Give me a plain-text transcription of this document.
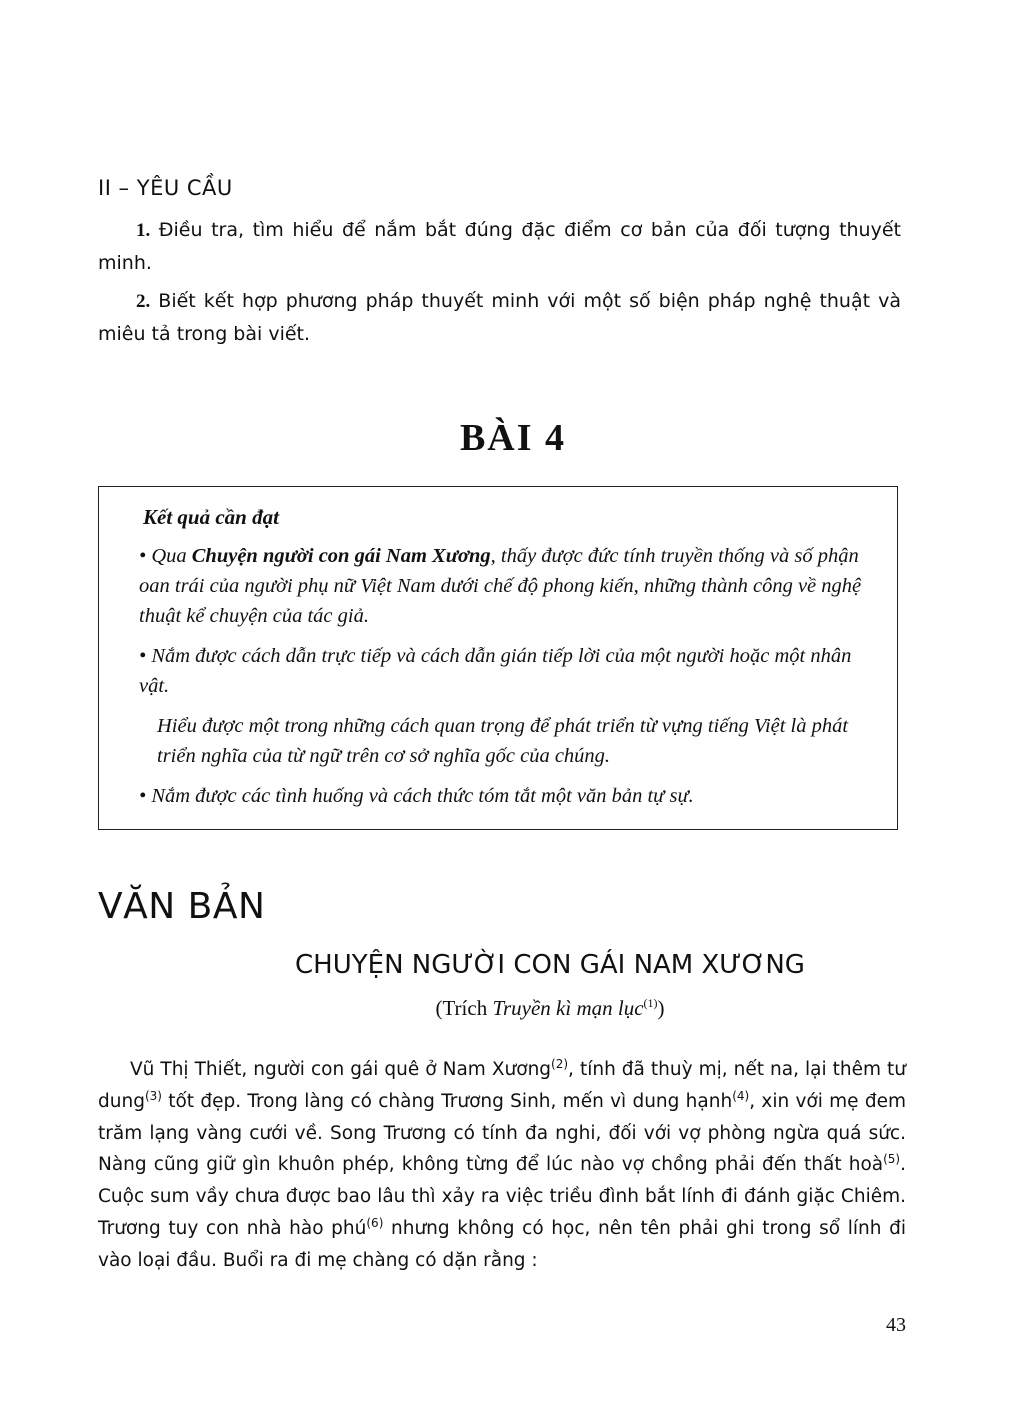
II – YÊU CẦU

1. Điều tra, tìm hiểu để nắm bắt đúng đặc điểm cơ bản của đối tượng thuyết minh.

2. Biết kết hợp phương pháp thuyết minh với một số biện pháp nghệ thuật và miêu tả trong bài viết.

BÀI 4
Kết quả cần đạt
• Qua Chuyện người con gái Nam Xương, thấy được đức tính truyền thống và số phận oan trái của người phụ nữ Việt Nam dưới chế độ phong kiến, những thành công về nghệ thuật kể chuyện của tác giả.
• Nắm được cách dẫn trực tiếp và cách dẫn gián tiếp lời của một người hoặc một nhân vật.
Hiểu được một trong những cách quan trọng để phát triển từ vựng tiếng Việt là phát triển nghĩa của từ ngữ trên cơ sở nghĩa gốc của chúng.
• Nắm được các tình huống và cách thức tóm tắt một văn bản tự sự.
VĂN BẢN
CHUYỆN NGƯỜI CON GÁI NAM XƯƠNG
(Trích Truyền kì mạn lục$^{(1)}$)

Vũ Thị Thiết, người con gái quê ở Nam Xương$^{(2)}$, tính đã thuỳ mị, nết na, lại thêm tư dung$^{(3)}$ tốt đẹp. Trong làng có chàng Trương Sinh, mến vì dung hạnh$^{(4)}$, xin với mẹ đem trăm lạng vàng cưới về. Song Trương có tính đa nghi, đối với vợ phòng ngừa quá sức. Nàng cũng giữ gìn khuôn phép, không từng để lúc nào vợ chồng phải đến thất hoà$^{(5)}$. Cuộc sum vầy chưa được bao lâu thì xảy ra việc triều đình bắt lính đi đánh giặc Chiêm. Trương tuy con nhà hào phú$^{(6)}$ nhưng không có học, nên tên phải ghi trong sổ lính đi vào loại đầu. Buổi ra đi mẹ chàng có dặn rằng :

43
